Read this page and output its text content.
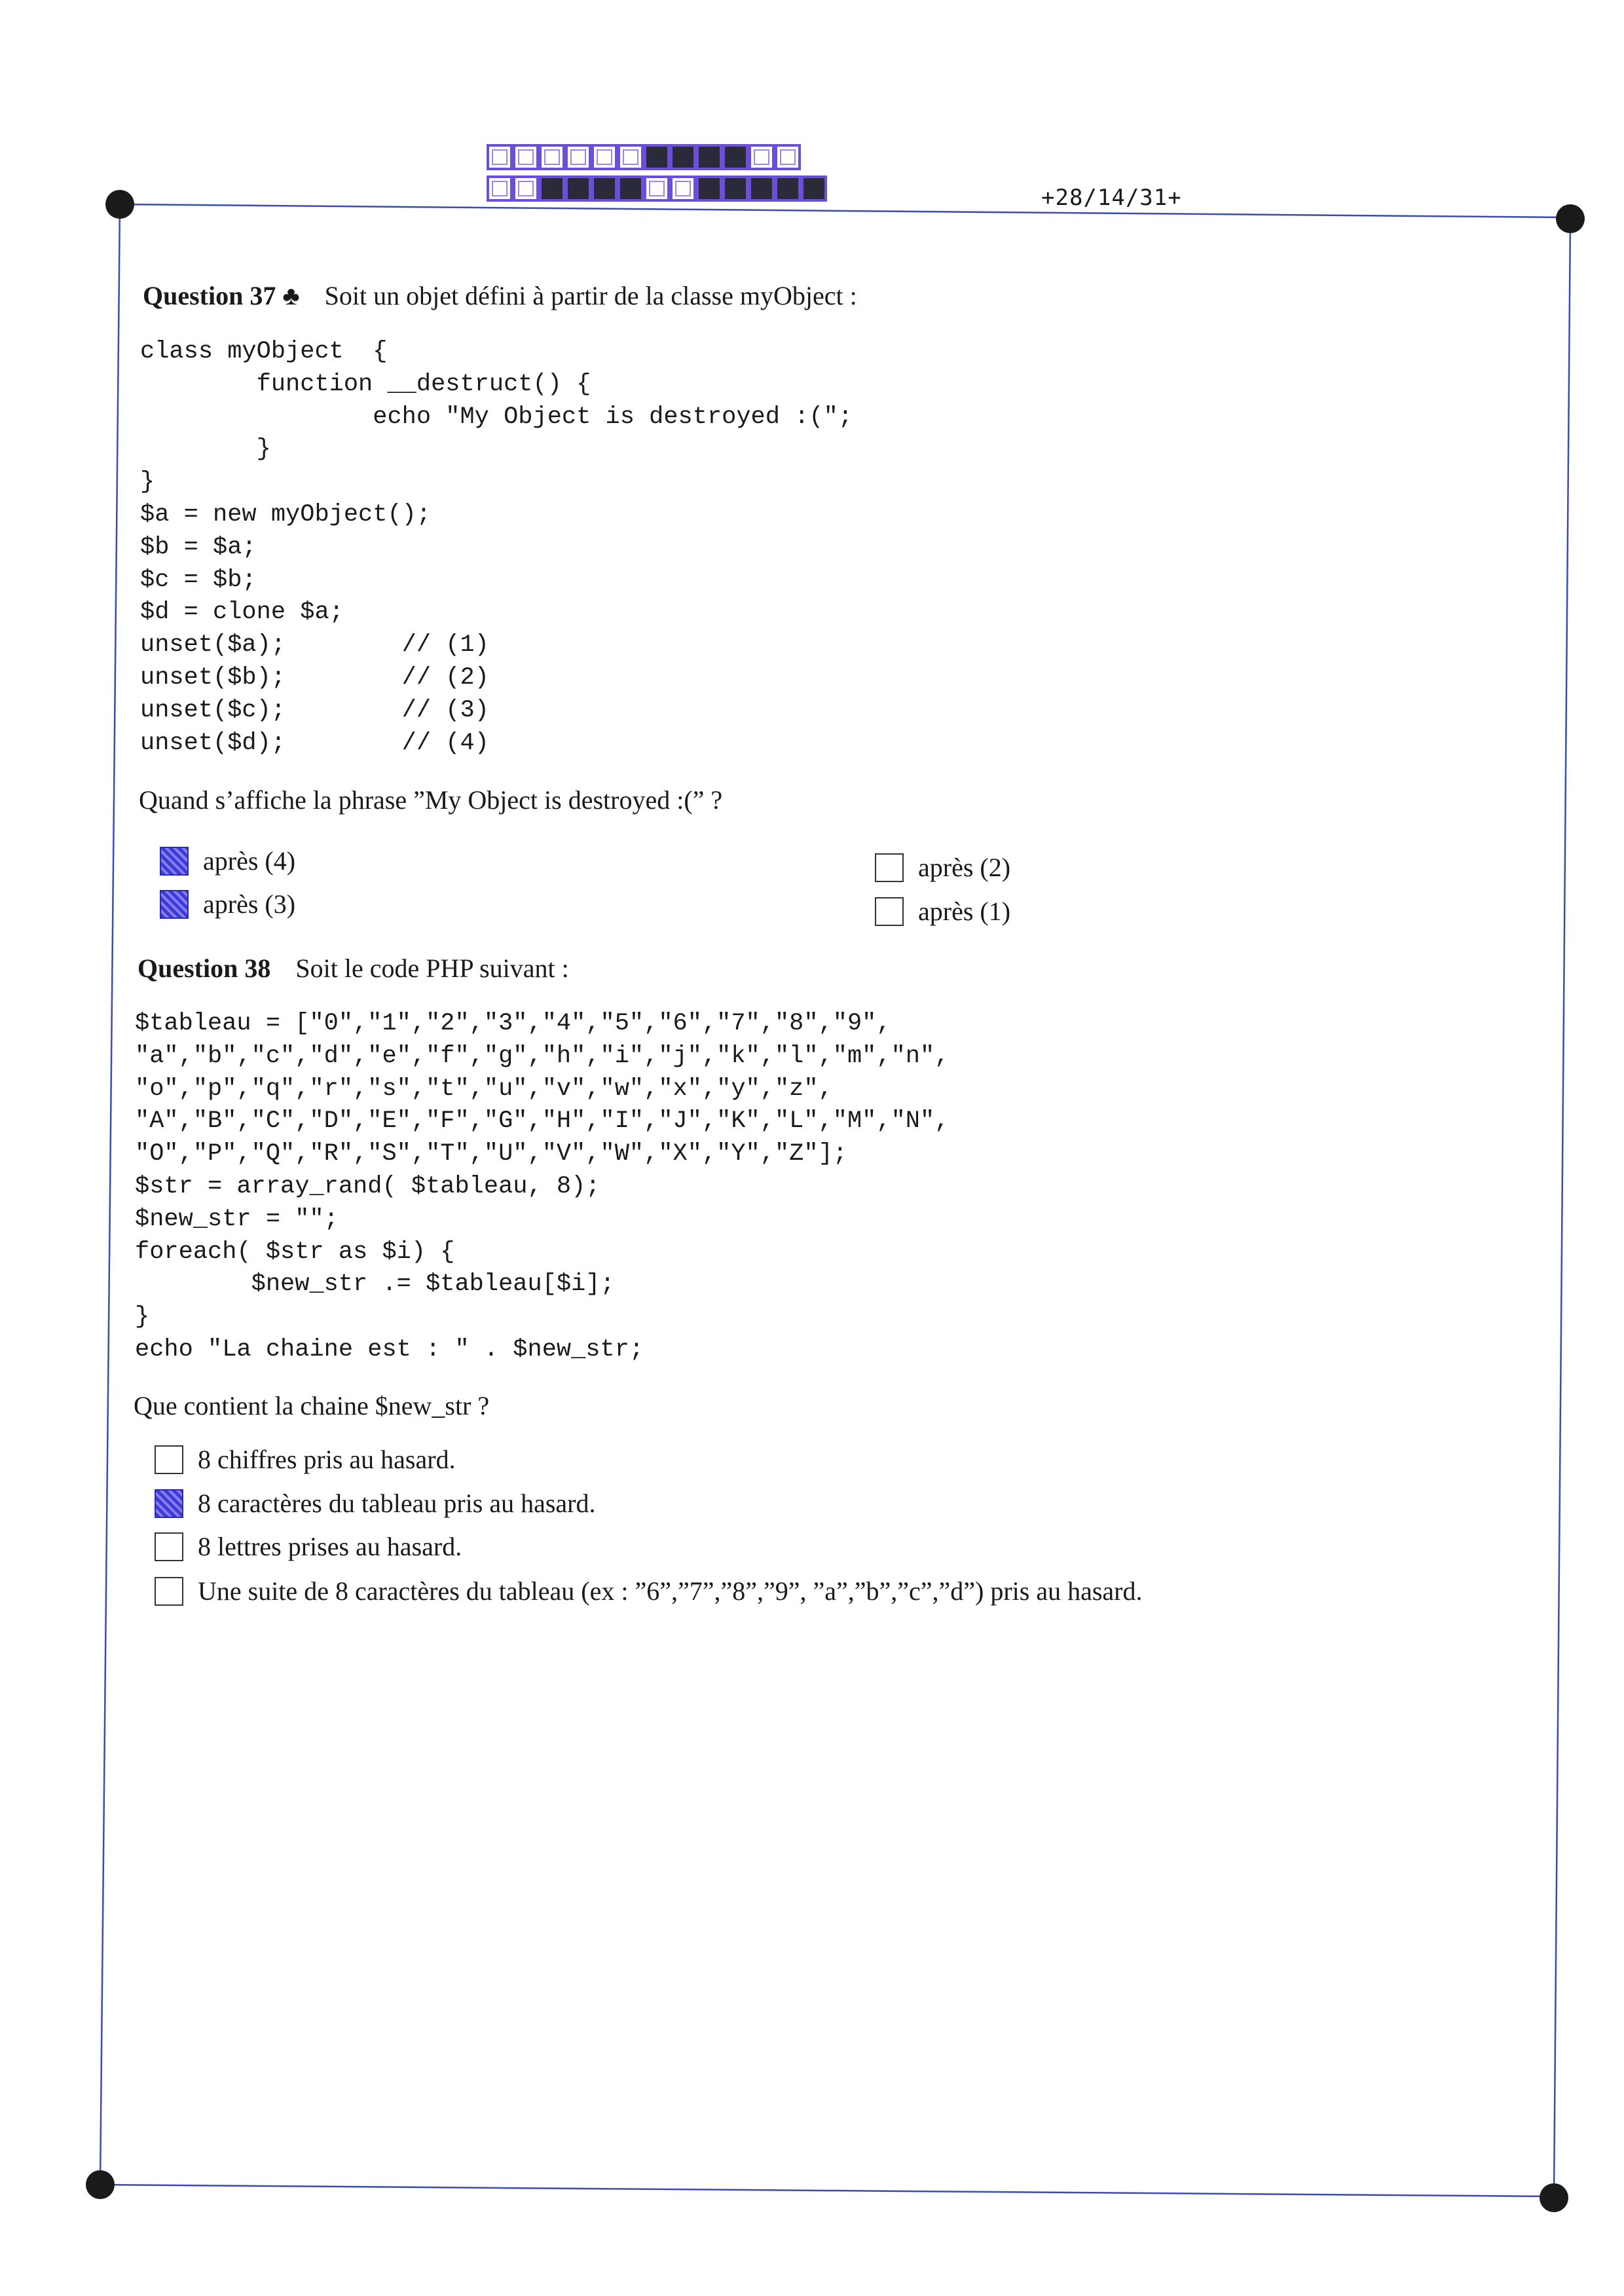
+28/14/31+
Question 37 ♣ Soit un objet défini à partir de la classe myObject :
class myObject  {
function __destruct() {
echo "My Object is destroyed :(";
}
}
$a = new myObject();
$b = $a;
$c = $b;
$d = clone $a;
unset($a);        // (1)
unset($b);        // (2)
unset($c);        // (3)
unset($d);        // (4)
Quand s’affiche la phrase ”My Object is destroyed :(” ?
après (4)
après (3)
après (2)
après (1)
Question 38 Soit le code PHP suivant :
$tableau = ["0","1","2","3","4","5","6","7","8","9",
"a","b","c","d","e","f","g","h","i","j","k","l","m","n",
"o","p","q","r","s","t","u","v","w","x","y","z",
"A","B","C","D","E","F","G","H","I","J","K","L","M","N",
"O","P","Q","R","S","T","U","V","W","X","Y","Z"];
$str = array_rand( $tableau, 8);
$new_str = "";
foreach( $str as $i) {
$new_str .= $tableau[$i];
}
echo "La chaine est : " . $new_str;
Que contient la chaine $new_str ?
8 chiffres pris au hasard.
8 caractères du tableau pris au hasard.
8 lettres prises au hasard.
Une suite de 8 caractères du tableau (ex : ”6”,”7”,”8”,”9”, ”a”,”b”,”c”,”d”) pris au hasard.
